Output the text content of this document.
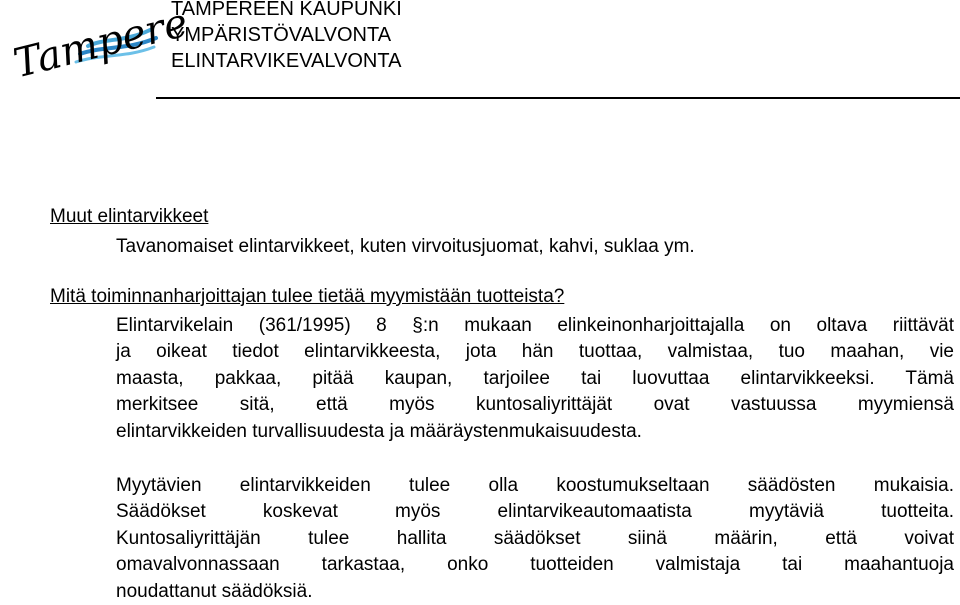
Tampere
TAMPEREEN KAUPUNKI
YMPÄRISTÖVALVONTA
ELINTARVIKEVALVONTA
Muut elintarvikkeet
Tavanomaiset elintarvikkeet, kuten virvoitusjuomat, kahvi, suklaa ym.
Mitä toiminnanharjoittajan tulee tietää myymistään tuotteista?
Elintarvikelain (361/1995) 8 §:n mukaan elinkeinonharjoittajalla on oltava riittävät
ja oikeat tiedot elintarvikkeesta, jota hän tuottaa, valmistaa, tuo maahan, vie
maasta, pakkaa, pitää kaupan, tarjoilee tai luovuttaa elintarvikkeeksi. Tämä
merkitsee sitä, että myös kuntosaliyrittäjät ovat vastuussa myymiensä
elintarvikkeiden turvallisuudesta ja määräystenmukaisuudesta.
Myytävien elintarvikkeiden tulee olla koostumukseltaan säädösten mukaisia.
Säädökset koskevat myös elintarvikeautomaatista myytäviä tuotteita.
Kuntosaliyrittäjän tulee hallita säädökset siinä määrin, että voivat
omavalvonnassaan tarkastaa, onko tuotteiden valmistaja tai maahantuoja
noudattanut säädöksiä.
